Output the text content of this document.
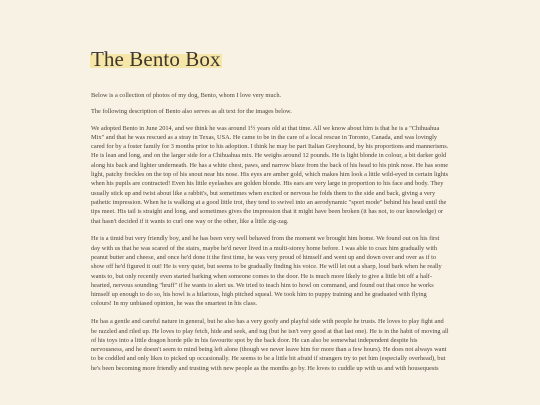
The Bento Box

Below is a collection of photos of my dog, Bento, whom I love very much.

The following description of Bento also serves as alt text for the images below.

We adopted Bento in June 2014, and we think he was around 1½ years old at that time. All we know about him is that he is a "Chihuahua Mix" and that he was rescued as a stray in Texas, USA. He came to be in the care of a local rescue in Toronto, Canada, and was lovingly cared for by a foster family for 3 months prior to his adoption. I think he may be part Italian Greyhound, by his proportions and mannerisms. He is lean and long, and on the larger side for a Chihuahua mix. He weighs around 12 pounds. He is light blonde in colour, a bit darker gold along his back and lighter underneath. He has a white chest, paws, and narrow blaze from the back of his head to his pink nose. He has some light, patchy freckles on the top of his snout near his nose. His eyes are amber gold, which makes him look a little wild-eyed in certain lights when his pupils are contracted! Even his little eyelashes are golden blonde. His ears are very large in proportion to his face and body. They usually stick up and twist about like a rabbit's, but sometimes when excited or nervous he folds them to the side and back, giving a very pathetic impression. When he is walking at a good little trot, they tend to swivel into an aerodynamic "sport mode" behind his head until the tips meet. His tail is straight and long, and sometimes gives the impression that it might have been broken (it has not, to our knowledge) or that hasn't decided if it wants to curl one way or the other, like a little zig-zag.

He is a timid but very friendly boy, and he has been very well behaved from the moment we brought him home. We found out on his first day with us that he was scared of the stairs, maybe he'd never lived in a multi-storey home before. I was able to coax him gradually with peanut butter and cheese, and once he'd done it the first time, he was very proud of himself and went up and down over and over as if to show off he'd figured it out! He is very quiet, but seems to be gradually finding his voice. He will let out a sharp, loud bark when he really wants to, but only recently even started barking when someone comes to the door. He is much more likely to give a little bit off a half-hearted, nervous sounding "hruff" if he wants to alert us. We tried to teach him to howl on command, and found out that once he works himself up enough to do so, his howl is a hilarious, high pitched squeal. We took him to puppy training and he graduated with flying colours! In my unbiased opinion, he was the smartest in his class.

He has a gentle and careful nature in general, but he also has a very goofy and playful side with people he trusts. He loves to play fight and be razzled and riled up. He loves to play fetch, hide and seek, and tug (but he isn't very good at that last one). He is in the habit of moving all of his toys into a little dragon horde pile in his favourite spot by the back door. He can also be somewhat independent despite his nervousness, and he doesn't seem to mind being left alone (though we never leave him for more than a few hours). He does not always want to be coddled and only likes to picked up occasionally. He seems to be a little bit afraid if strangers try to pet him (especially overhead), but he's been becoming more friendly and trusting with new people as the months go by. He loves to cuddle up with us and with housequests
